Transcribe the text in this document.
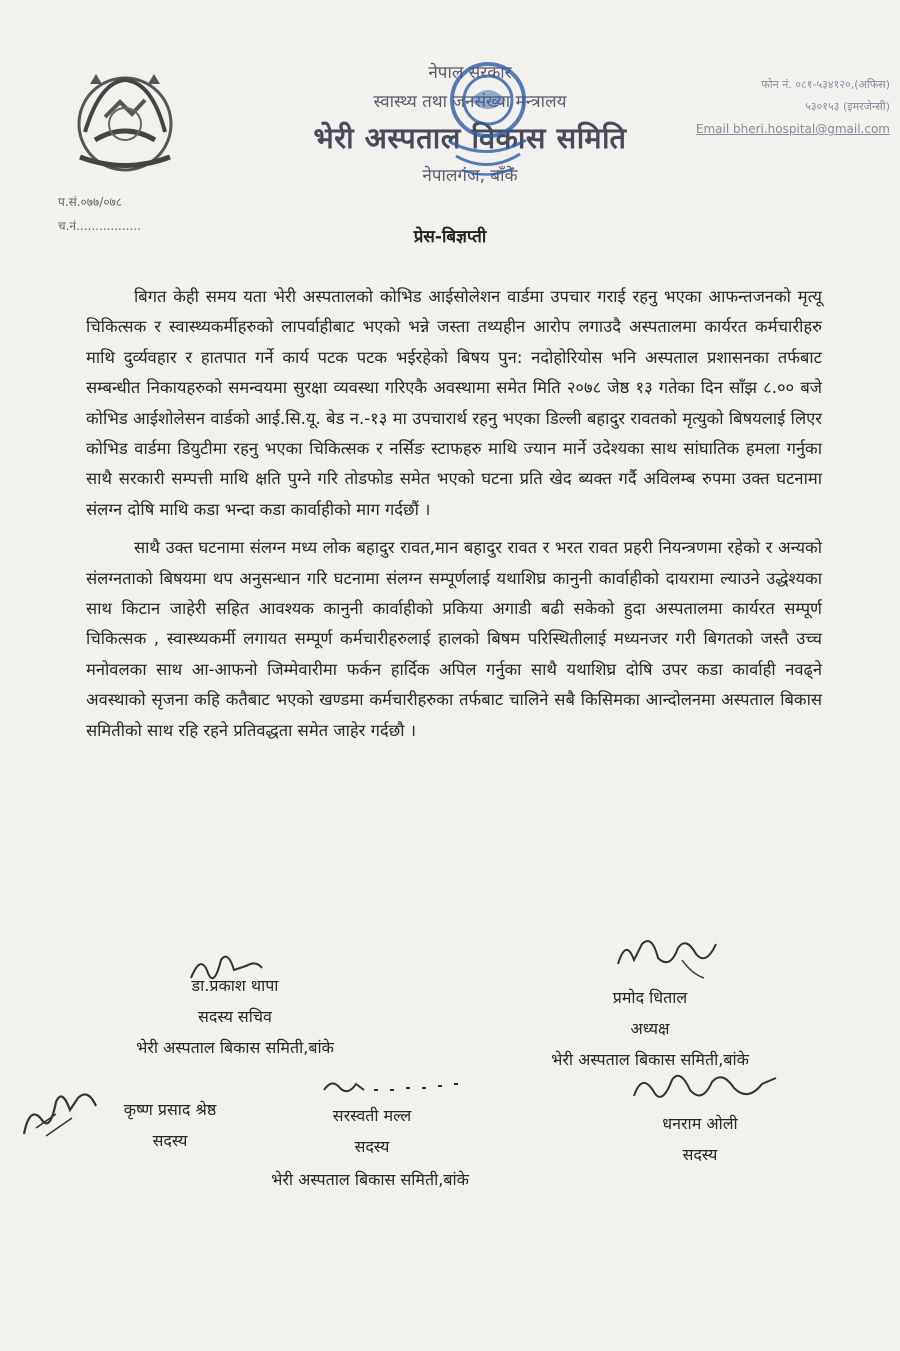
नेपाल सरकार
स्वास्थ्य तथा जनसंख्या मन्त्रालय
भेरी अस्पताल विकास समिति
नेपालगंज, बाँके
फोन नं. ०८१-५३४१२०,(अफिस)
५३०१५३ (इमरजेन्सी)
Email bheri.hospital@gmail.com
प.सं.०७७/०७८
च.नं.................
प्रेस-बिज्ञप्ती

बिगत केही समय यता भेरी अस्पतालको कोभिड आईसोलेशन वार्डमा उपचार गराई रहनु भएका आफन्तजनको मृत्यू चिकित्सक र स्वास्थ्यकर्मीहरुको लापर्वाहीबाट भएको भन्ने जस्ता तथ्यहीन आरोप लगाउदै अस्पतालमा कार्यरत कर्मचारीहरु माथि दुर्व्यवहार र हातपात गर्ने कार्य पटक पटक भईरहेको बिषय पुन: नदोहोरियोस भनि अस्पताल प्रशासनका तर्फबाट सम्बन्धीत निकायहरुको समन्वयमा सुरक्षा व्यवस्था गरिएकै अवस्थामा समेत मिति २०७८ जेष्ठ १३ गतेका दिन साँझ ८.०० बजे कोभिड आईशोलेसन वार्डको आई.सि.यू. बेड न.-१३ मा उपचारार्थ रहनु भएका डिल्ली बहादुर रावतको मृत्युको बिषयलाई लिएर कोभिड वार्डमा डियुटीमा रहनु भएका चिकित्सक र नर्सिङ स्टाफहरु माथि ज्यान मार्ने उदेश्यका साथ सांघातिक हमला गर्नुका साथै सरकारी सम्पत्ती माथि क्षति पुग्ने गरि तोडफोड समेत भएको घटना प्रति खेद ब्यक्त गर्दै अविलम्ब रुपमा उक्त घटनामा संलग्न दोषि माथि कडा भन्दा कडा कार्वाहीको माग गर्दछौं ।

साथै उक्त घटनामा संलग्न मध्य लोक बहादुर रावत,मान बहादुर रावत र भरत रावत प्रहरी नियन्त्रणमा रहेको र अन्यको संलग्नताको बिषयमा थप अनुसन्धान गरि घटनामा संलग्न सम्पूर्णलाई यथाशिघ्र कानुनी कार्वाहीको दायरामा ल्याउने उद्धेश्यका साथ किटान जाहेरी सहित आवश्यक कानुनी कार्वाहीको प्रकिया अगाडी बढी सकेको हुदा अस्पतालमा कार्यरत सम्पूर्ण चिकित्सक , स्वास्थ्यकर्मी लगायत सम्पूर्ण कर्मचारीहरुलाई हालको बिषम परिस्थितीलाई मध्यनजर गरी बिगतको जस्तै उच्च मनोवलका साथ आ-आफनो जिम्मेवारीमा फर्कन हार्दिक अपिल गर्नुका साथै यथाशिघ्र दोषि उपर कडा कार्वाही नवढ्ने अवस्थाको सृजना कहि कतैबाट भएको खण्डमा कर्मचारीहरुका तर्फबाट चालिने सबै किसिमका आन्दोलनमा अस्पताल बिकास समितीको साथ रहि रहने प्रतिवद्धता समेत जाहेर गर्दछौ ।

डा.प्रकाश थापा
सदस्य सचिव
भेरी अस्पताल बिकास समिती,बांके
प्रमोद धिताल
अध्यक्ष
भेरी अस्पताल बिकास समिती,बांके
कृष्ण प्रसाद श्रेष्ठ
सदस्य
सरस्वती मल्ल
सदस्य
धनराम ओली
सदस्य
भेरी अस्पताल बिकास समिती,बांके
